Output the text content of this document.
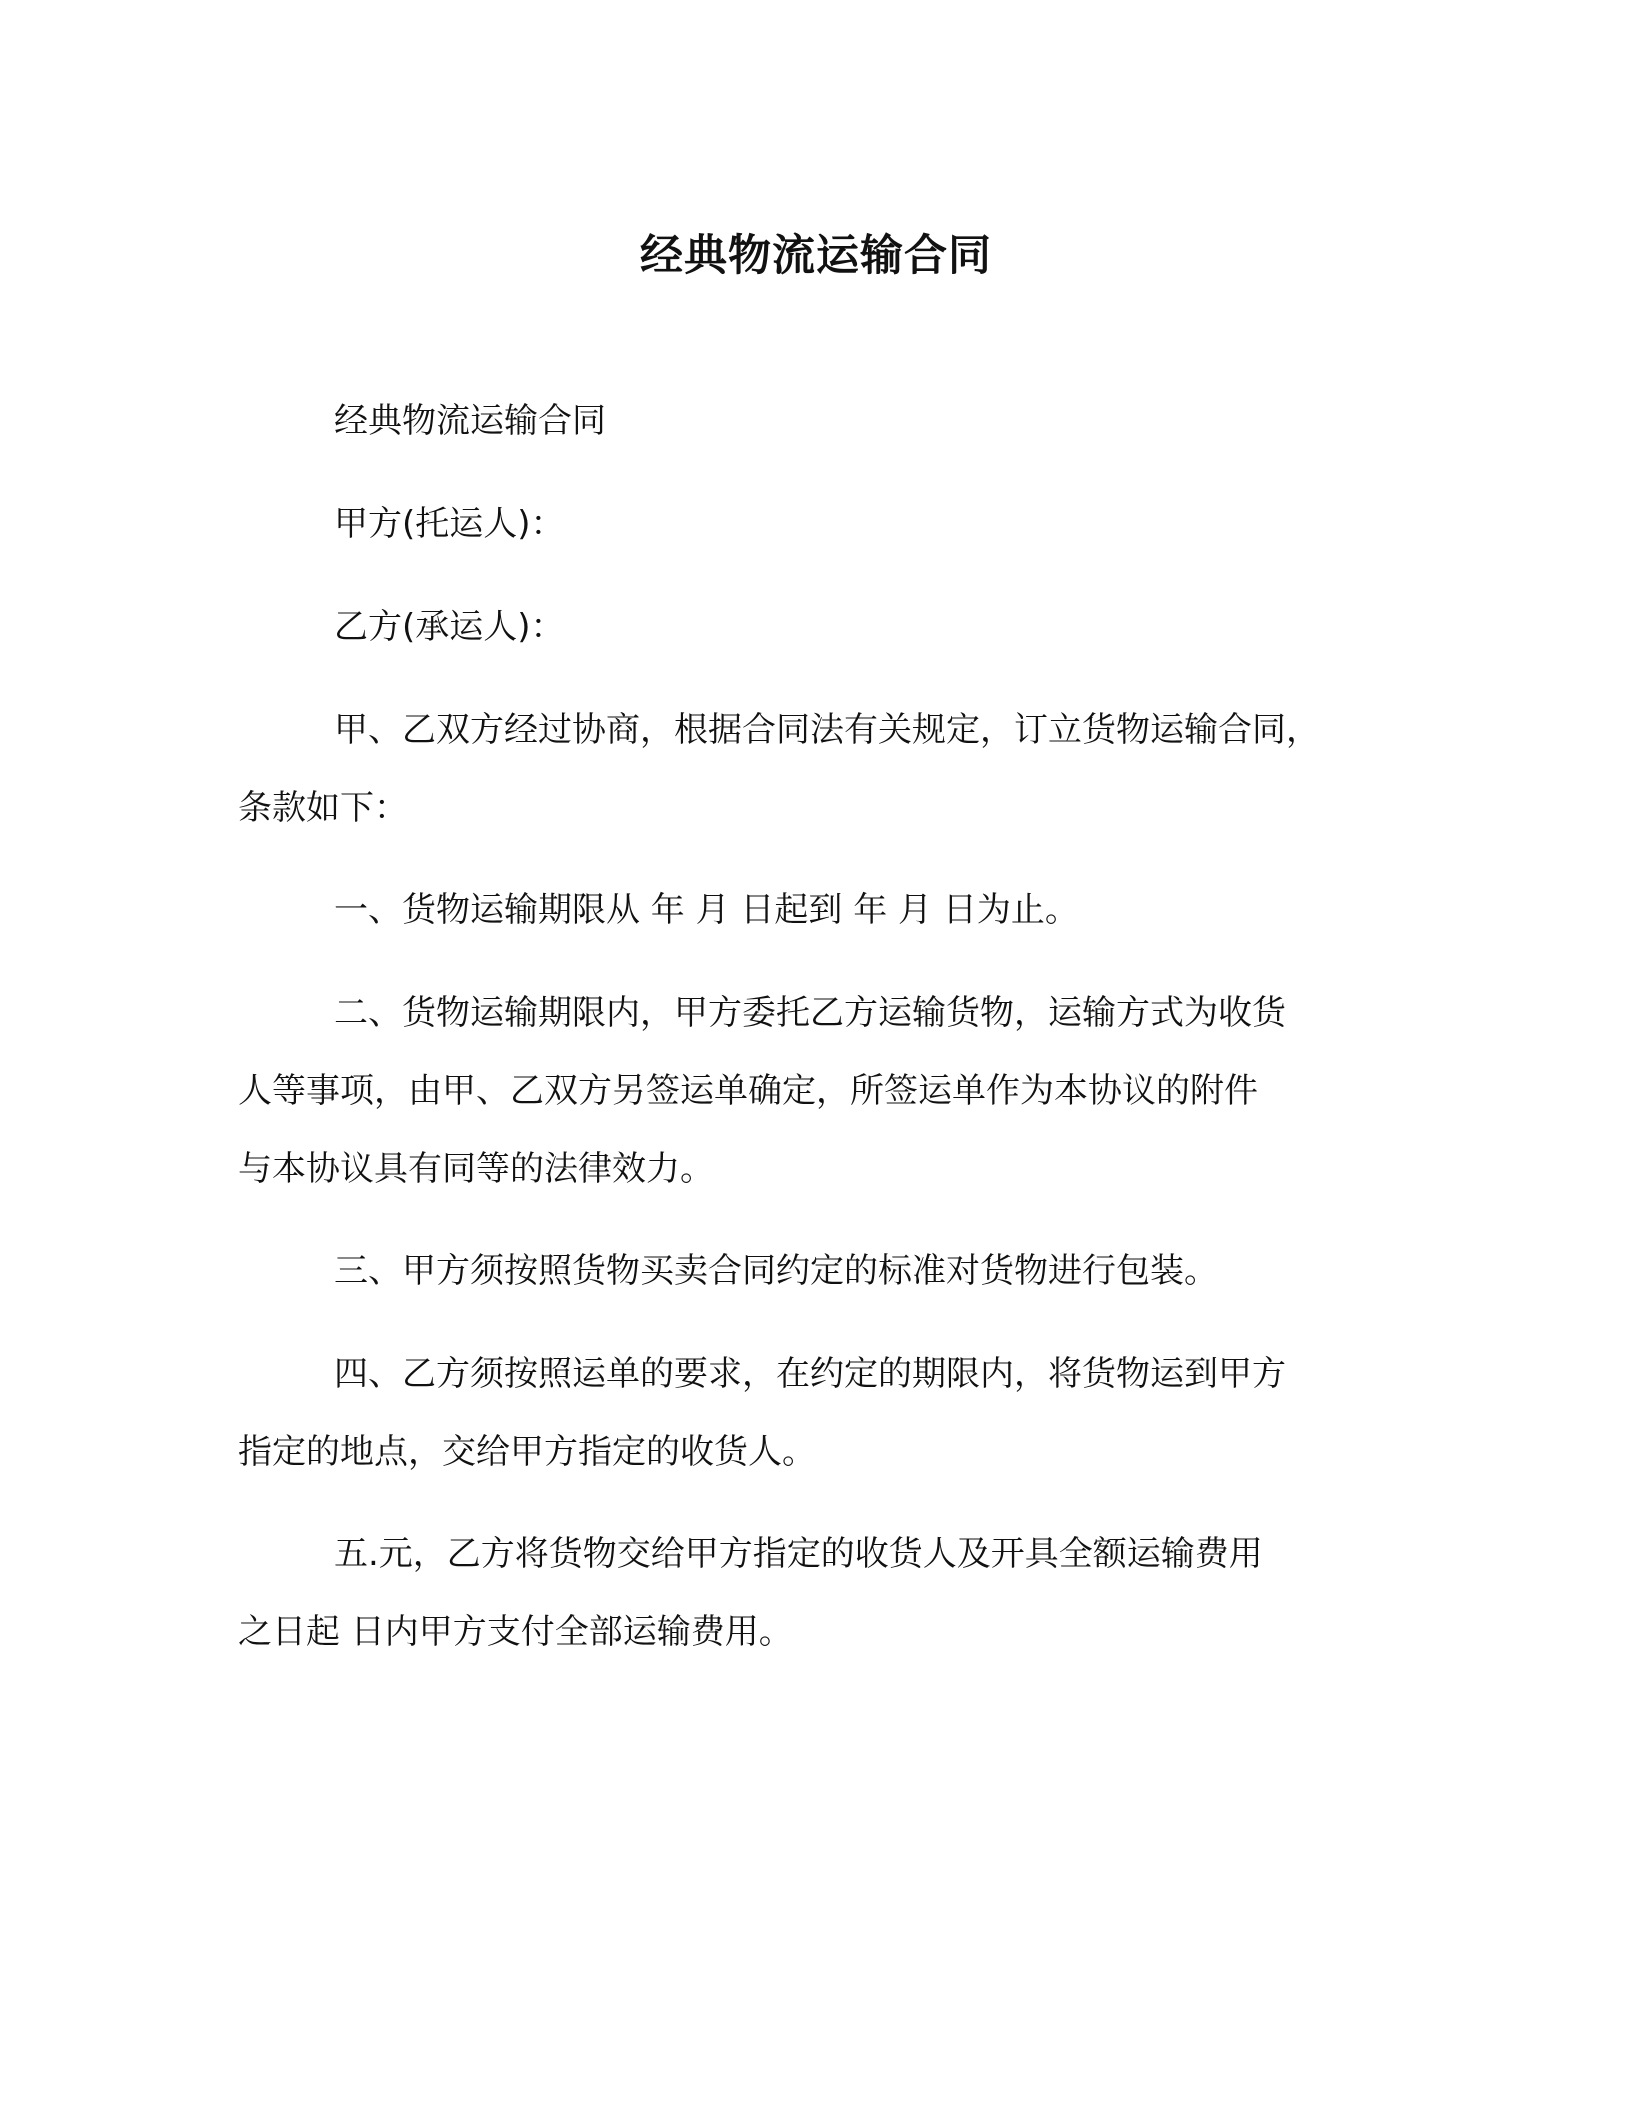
经典物流运输合同

经典物流运输合同

甲方(托运人)：

乙方(承运人)：

甲、乙双方经过协商，根据合同法有关规定，订立货物运输合同，

条款如下：

一、货物运输期限从 年 月 日起到 年 月 日为止。

二、货物运输期限内，甲方委托乙方运输货物，运输方式为收货

人等事项，由甲、乙双方另签运单确定，所签运单作为本协议的附件

与本协议具有同等的法律效力。

三、甲方须按照货物买卖合同约定的标准对货物进行包装。

四、乙方须按照运单的要求，在约定的期限内，将货物运到甲方

指定的地点，交给甲方指定的收货人。

五.元，乙方将货物交给甲方指定的收货人及开具全额运输费用

之日起 日内甲方支付全部运输费用。
